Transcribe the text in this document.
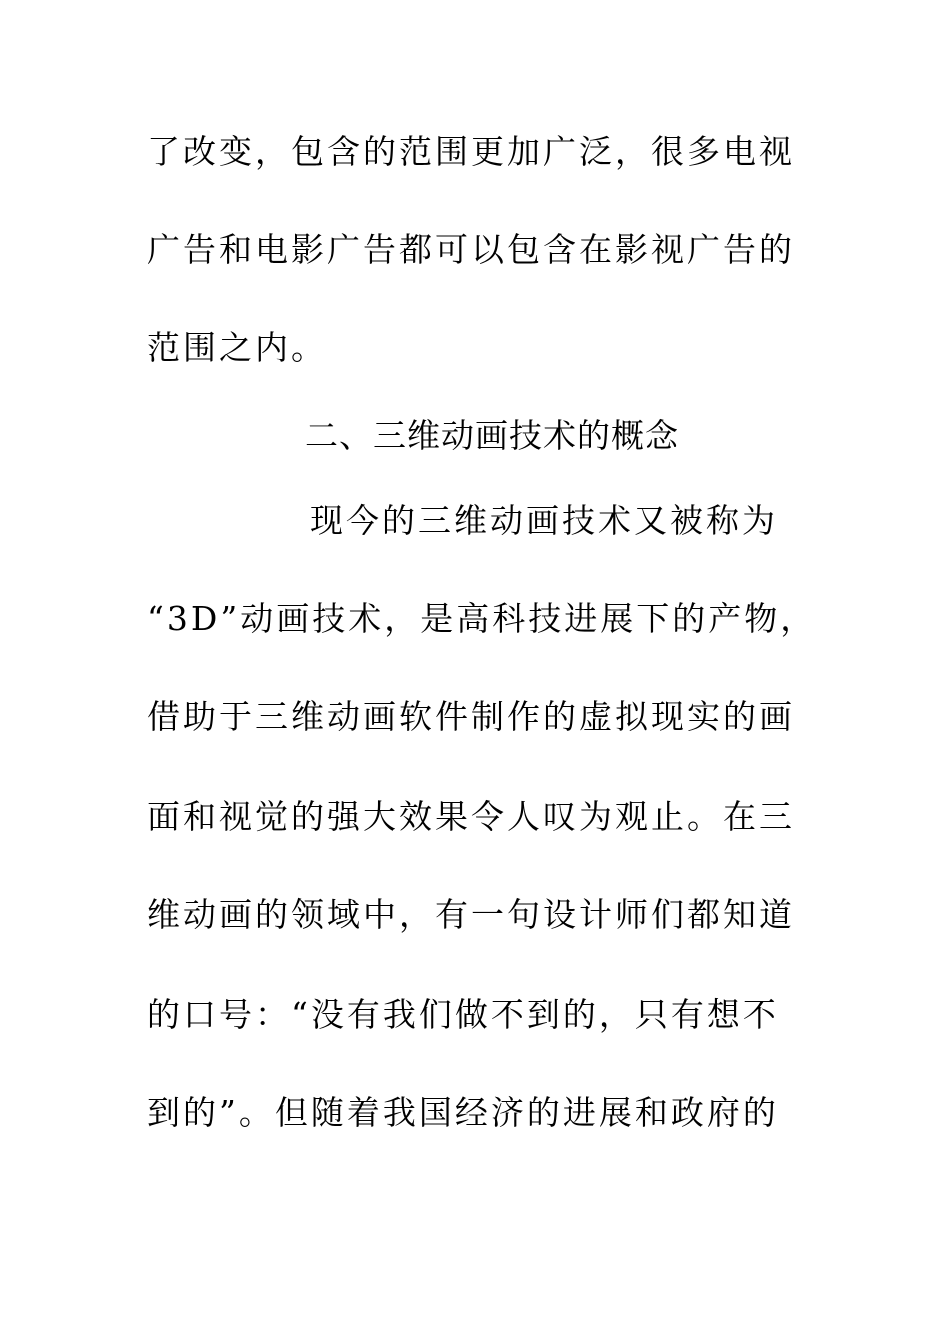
了改变，包含的范围更加广泛，很多电视
广告和电影广告都可以包含在影视广告的
范围之内。
二、三维动画技术的概念
现今的三维动画技术又被称为
“3D”动画技术，是高科技进展下的产物，
借助于三维动画软件制作的虚拟现实的画
面和视觉的强大效果令人叹为观止。在三
维动画的领域中，有一句设计师们都知道
的口号：“没有我们做不到的，只有想不
到的”。但随着我国经济的进展和政府的
